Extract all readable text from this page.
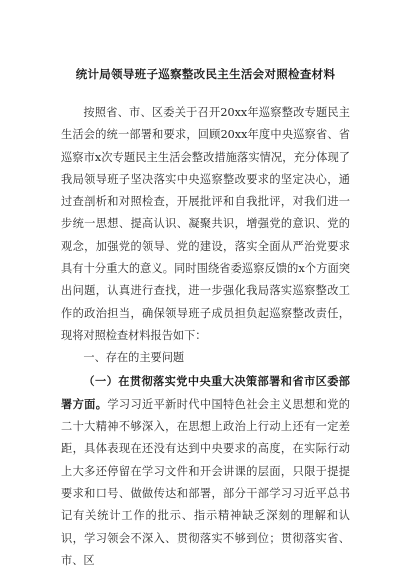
统计局领导班子巡察整改民主生活会对照检查材料

按照省、市、区委关于召开20xx年巡察整改专题民主生活会的统一部署和要求，回顾20xx年度中央巡察省、省巡察市x次专题民主生活会整改措施落实情况，充分体现了我局领导班子坚决落实中央巡察整改要求的坚定决心，通过查剖析和对照检查，开展批评和自我批评，对我们进一步统一思想、提高认识、凝聚共识，增强党的意识、党的观念，加强党的领导、党的建设，落实全面从严治党要求具有十分重大的意义。同时围绕省委巡察反馈的x个方面突出问题，认真进行查找，进一步强化我局落实巡察整改工作的政治担当，确保领导班子成员担负起巡察整改责任，现将对照检查材料报告如下：

一、存在的主要问题

（一）在贯彻落实党中央重大决策部署和省市区委部署方面。学习习近平新时代中国特色社会主义思想和党的二十大精神不够深入，在思想上政治上行动上还有一定差距，具体表现在还没有达到中央要求的高度，在实际行动上大多还停留在学习文件和开会讲课的层面，只限于提提要求和口号、做做传达和部署，部分干部学习习近平总书记有关统计工作的批示、指示精神缺乏深刻的理解和认识，学习领会不深入、贯彻落实不够到位；贯彻落实省、市、区
